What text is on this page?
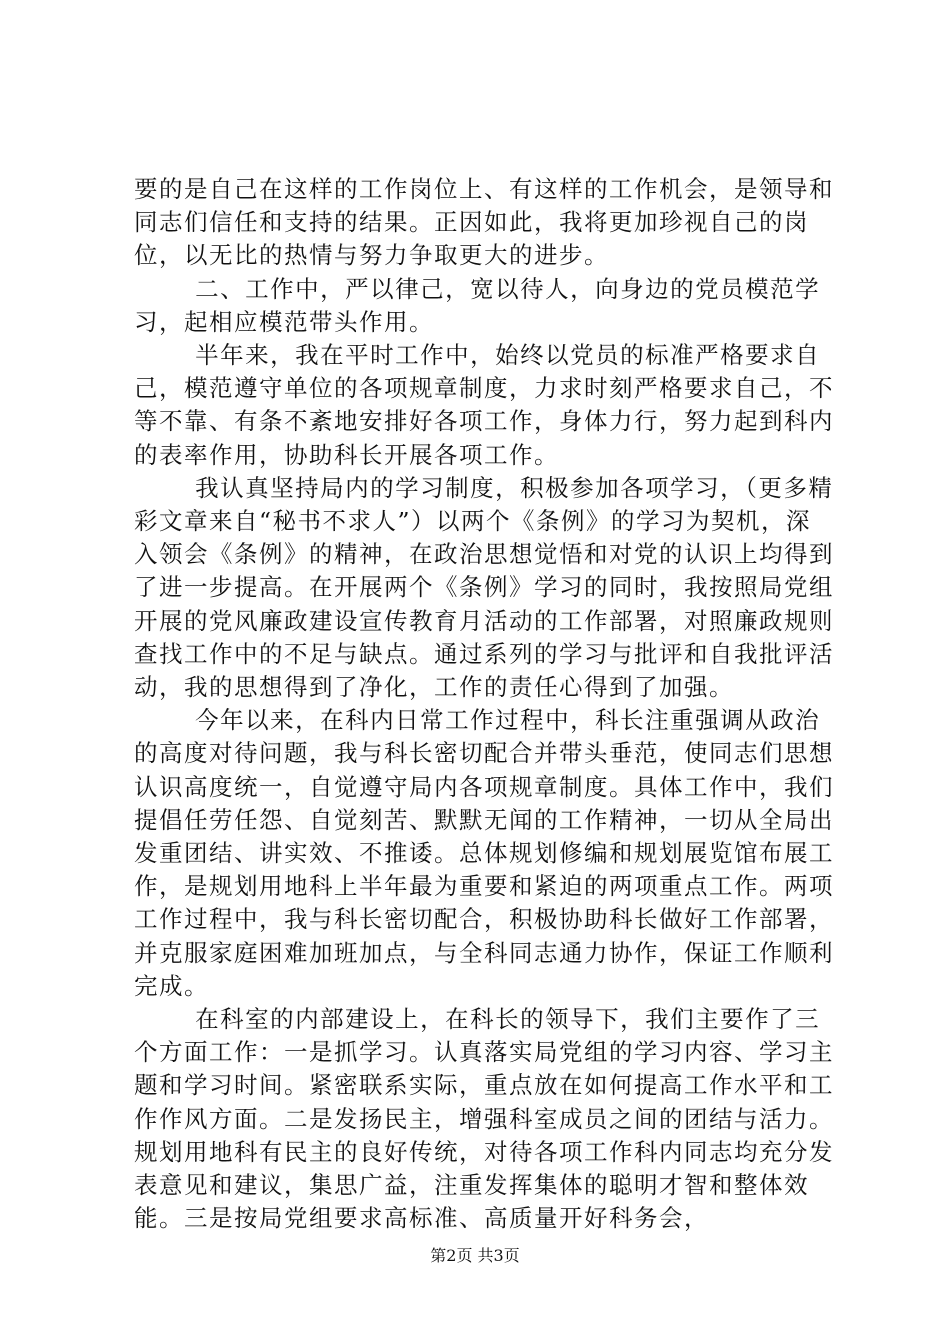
要的是自己在这样的工作岗位上、有这样的工作机会，是领导和同志们信任和支持的结果。正因如此，我将更加珍视自己的岗位，以无比的热情与努力争取更大的进步。

二、工作中，严以律己，宽以待人，向身边的党员模范学习，起相应模范带头作用。

半年来，我在平时工作中，始终以党员的标准严格要求自己，模范遵守单位的各项规章制度，力求时刻严格要求自己，不等不靠、有条不紊地安排好各项工作，身体力行，努力起到科内的表率作用，协助科长开展各项工作。

我认真坚持局内的学习制度，积极参加各项学习，（更多精彩文章来自“秘书不求人”）以两个《条例》的学习为契机，深入领会《条例》的精神，在政治思想觉悟和对党的认识上均得到了进一步提高。在开展两个《条例》学习的同时，我按照局党组开展的党风廉政建设宣传教育月活动的工作部署，对照廉政规则查找工作中的不足与缺点。通过系列的学习与批评和自我批评活动，我的思想得到了净化，工作的责任心得到了加强。

今年以来，在科内日常工作过程中，科长注重强调从政治的高度对待问题，我与科长密切配合并带头垂范，使同志们思想认识高度统一，自觉遵守局内各项规章制度。具体工作中，我们提倡任劳任怨、自觉刻苦、默默无闻的工作精神，一切从全局出发重团结、讲实效、不推诿。总体规划修编和规划展览馆布展工作，是规划用地科上半年最为重要和紧迫的两项重点工作。两项工作过程中，我与科长密切配合，积极协助科长做好工作部署，并克服家庭困难加班加点，与全科同志通力协作，保证工作顺利完成。

在科室的内部建设上，在科长的领导下，我们主要作了三个方面工作：一是抓学习。认真落实局党组的学习内容、学习主题和学习时间。紧密联系实际，重点放在如何提高工作水平和工作作风方面。二是发扬民主，增强科室成员之间的团结与活力。规划用地科有民主的良好传统，对待各项工作科内同志均充分发表意见和建议，集思广益，注重发挥集体的聪明才智和整体效能。三是按局党组要求高标准、高质量开好科务会，

第2页 共3页
